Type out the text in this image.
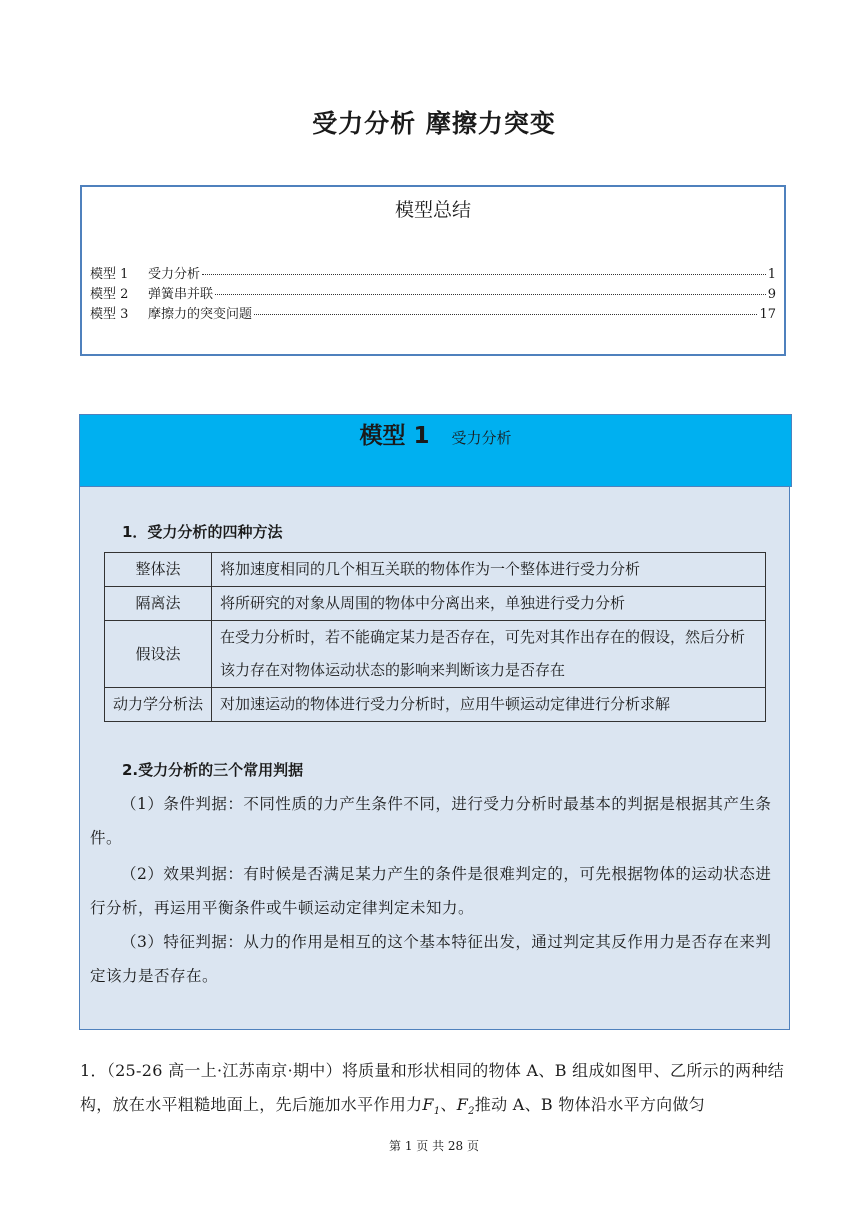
受力分析 摩擦力突变
模型总结
模型 1	受力分析	1
模型 2	弹簧串并联	9
模型 3	摩擦力的突变问题	17
模型 1 受力分析
1．受力分析的四种方法
整体法	将加速度相同的几个相互关联的物体作为一个整体进行受力分析
隔离法	将所研究的对象从周围的物体中分离出来，单独进行受力分析
假设法	在受力分析时，若不能确定某力是否存在，可先对其作出存在的假设，然后分析该力存在对物体运动状态的影响来判断该力是否存在
动力学分析法	对加速运动的物体进行受力分析时，应用牛顿运动定律进行分析求解
2.受力分析的三个常用判据
（1）条件判据：不同性质的力产生条件不同，进行受力分析时最基本的判据是根据其产生条件。
（2）效果判据：有时候是否满足某力产生的条件是很难判定的，可先根据物体的运动状态进行分析，再运用平衡条件或牛顿运动定律判定未知力。
（3）特征判据：从力的作用是相互的这个基本特征出发，通过判定其反作用力是否存在来判定该力是否存在。
1．（25-26 高一上·江苏南京·期中）将质量和形状相同的物体 A、B 组成如图甲、乙所示的两种结构，放在水平粗糙地面上，先后施加水平作用力$F_1$、$F_2$推动 A、B 物体沿水平方向做匀
第 1 页 共 28 页
